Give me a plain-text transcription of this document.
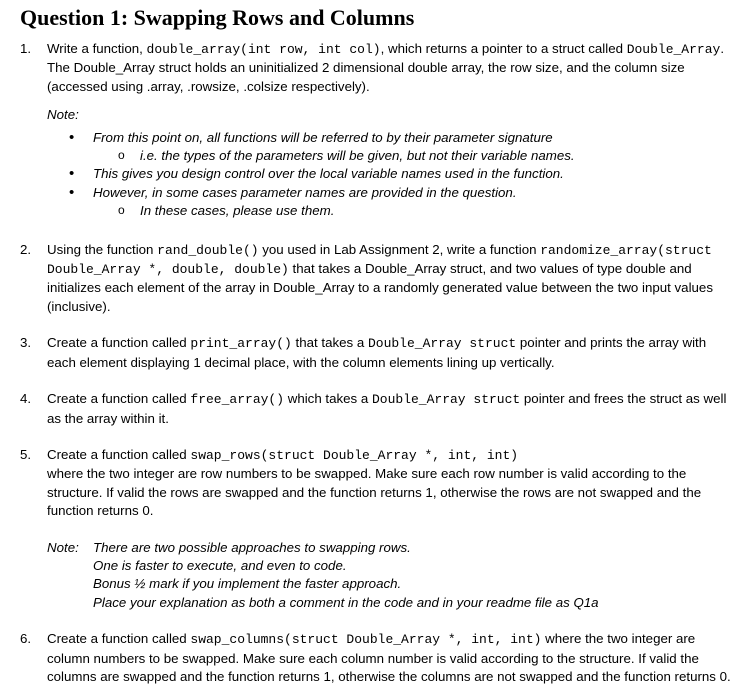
Question 1: Swapping Rows and Columns
1. Write a function, double_array(int row, int col), which returns a pointer to a struct called Double_Array. The Double_Array struct holds an uninitialized 2 dimensional double array, the row size, and the column size (accessed using .array, .rowsize, .colsize respectively).
Note:
• From this point on, all functions will be referred to by their parameter signature
o i.e. the types of the parameters will be given, but not their variable names.
• This gives you design control over the local variable names used in the function.
• However, in some cases parameter names are provided in the question.
o In these cases, please use them.
2. Using the function rand_double() you used in Lab Assignment 2, write a function randomize_array(struct Double_Array *, double, double) that takes a Double_Array struct, and two values of type double and initializes each element of the array in Double_Array to a randomly generated value between the two input values (inclusive).
3. Create a function called print_array() that takes a Double_Array struct pointer and prints the array with each element displaying 1 decimal place, with the column elements lining up vertically.
4. Create a function called free_array() which takes a Double_Array struct pointer and frees the struct as well as the array within it.
5. Create a function called swap_rows(struct Double_Array *, int, int)
where the two integer are row numbers to be swapped. Make sure each row number is valid according to the structure. If valid the rows are swapped and the function returns 1, otherwise the rows are not swapped and the function returns 0.
Note:	There are two possible approaches to swapping rows.
One is faster to execute, and even to code.
Bonus ½ mark if you implement the faster approach.
Place your explanation as both a comment in the code and in your readme file as Q1a
6. Create a function called swap_columns(struct Double_Array *, int, int) where the two integer are column numbers to be swapped. Make sure each column number is valid according to the structure. If valid the columns are swapped and the function returns 1, otherwise the columns are not swapped and the function returns 0.
